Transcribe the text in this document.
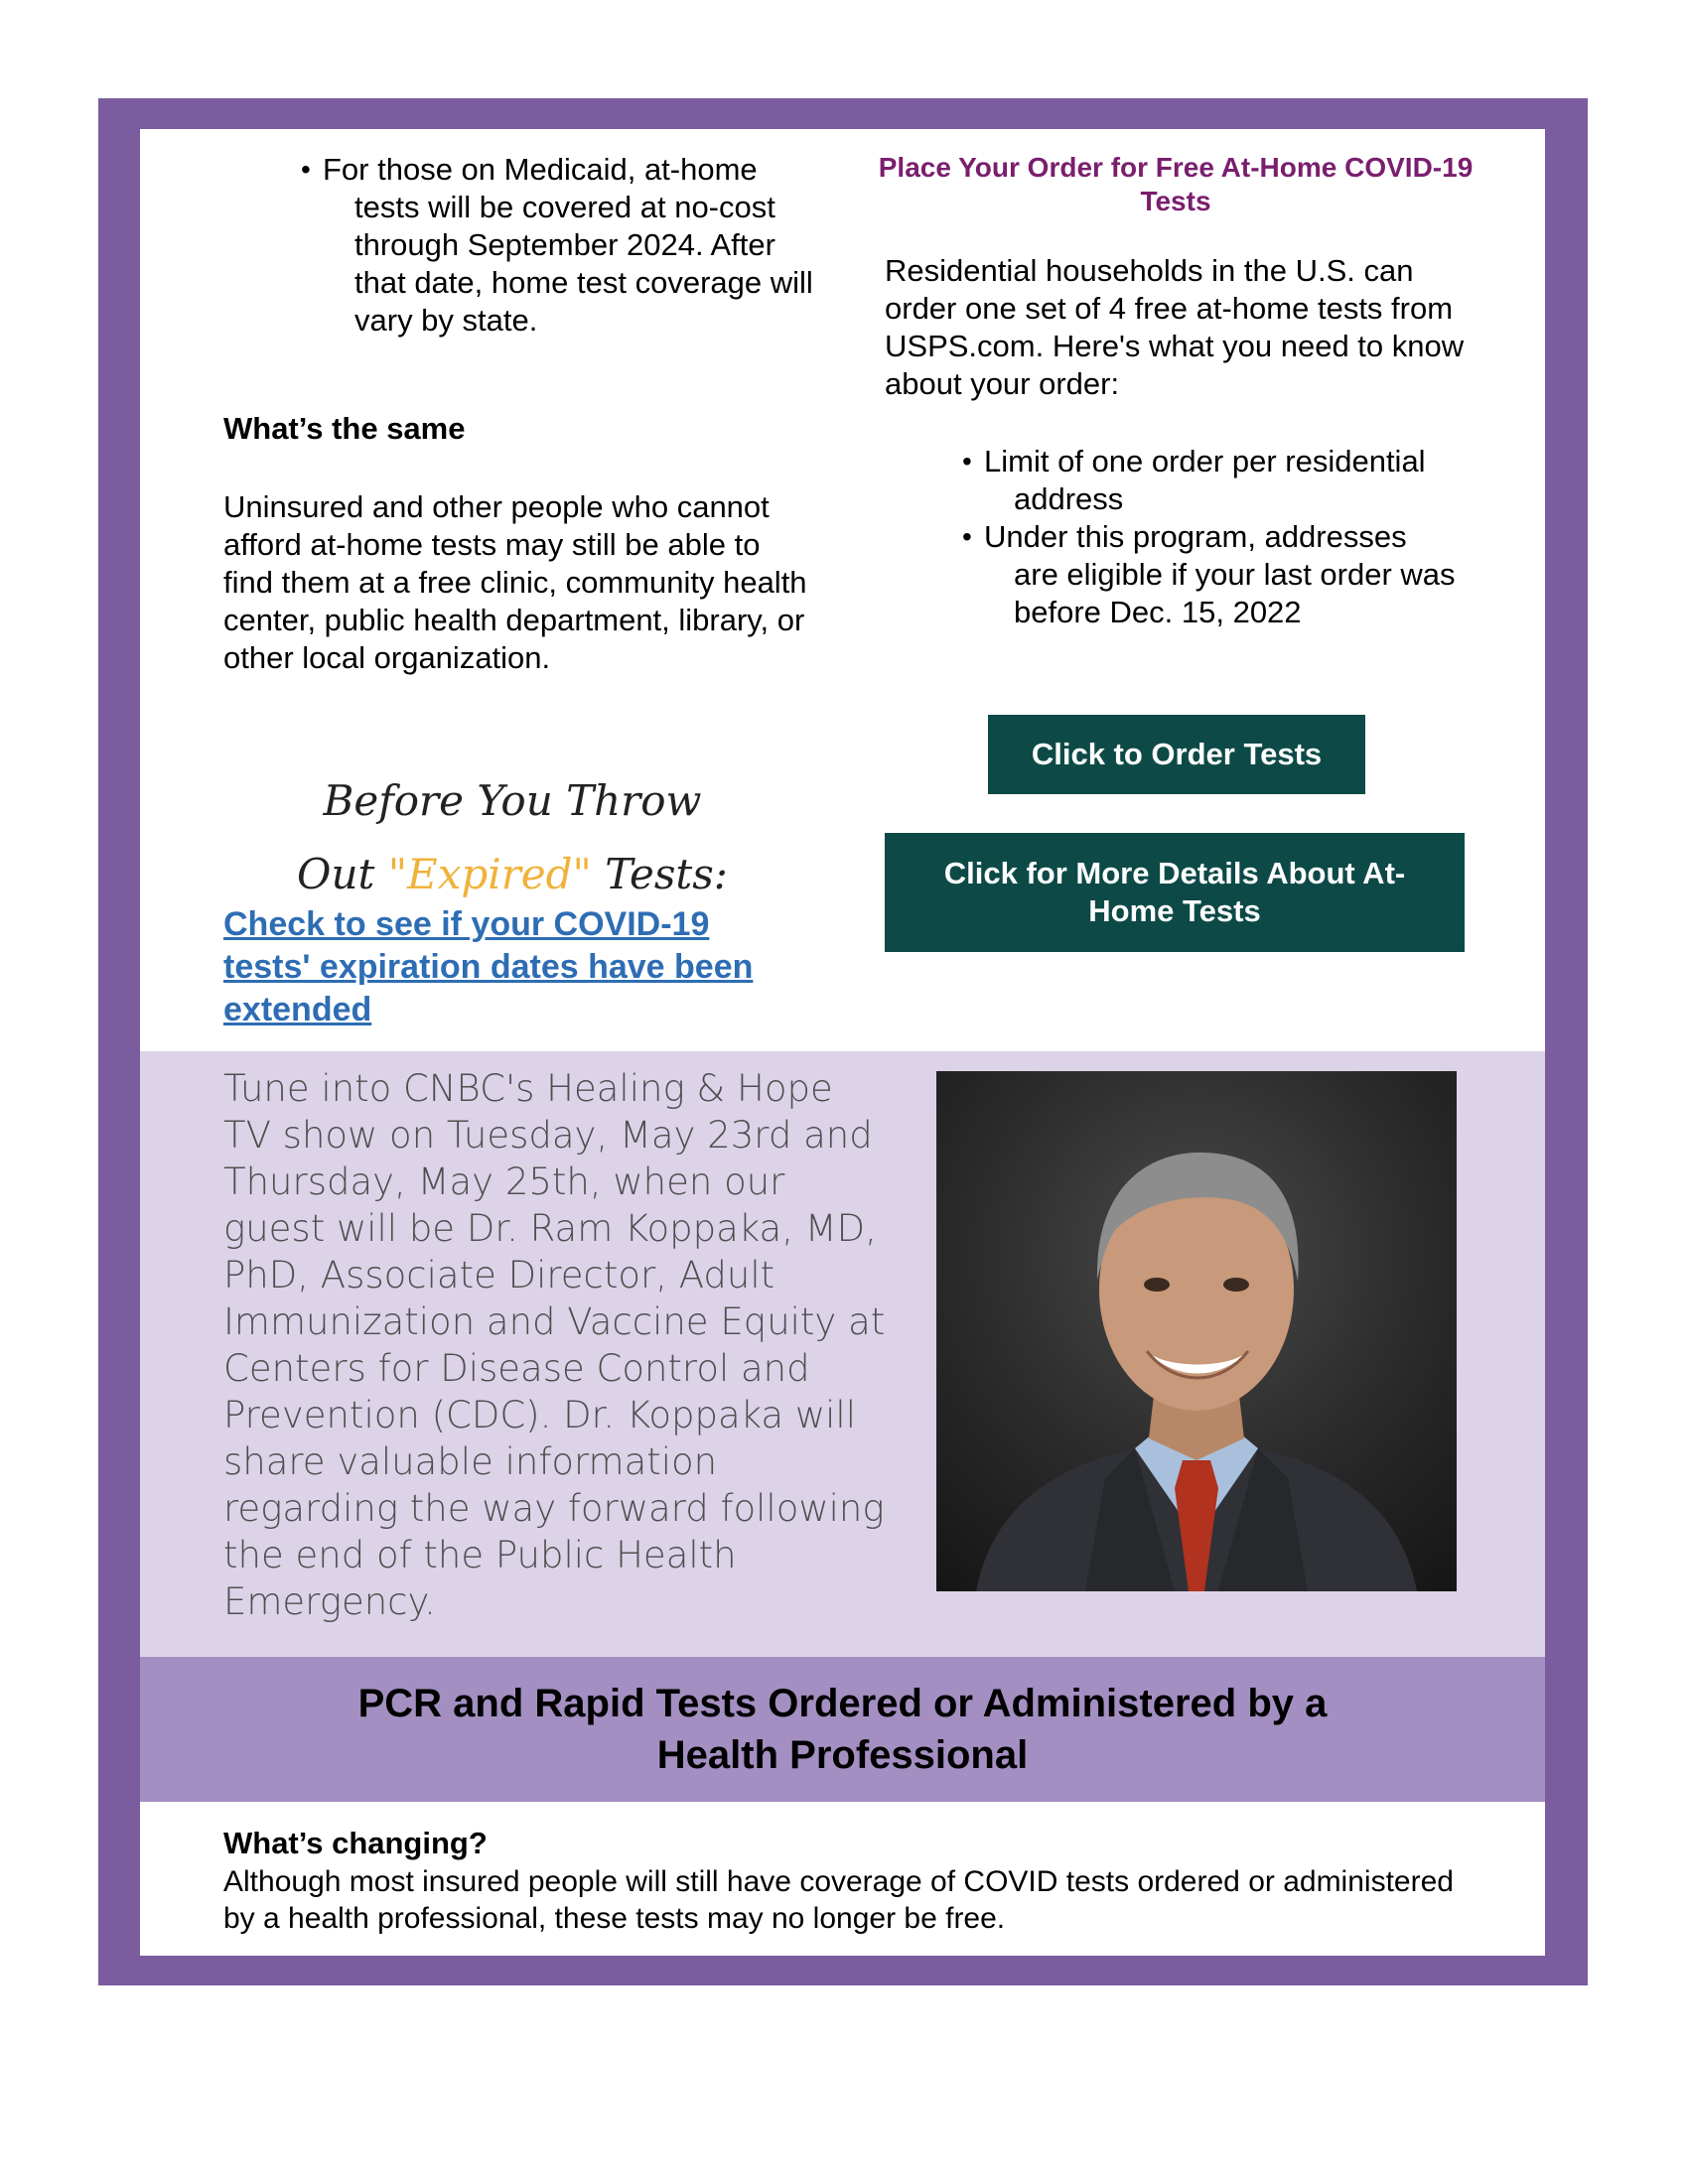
• For those on Medicaid, at-home
tests will be covered at no-cost through September 2024. After that date, home test coverage will vary by state.
What’s the same
Uninsured and other people who cannot afford at-home tests may still be able to find them at a free clinic, community health center, public health department, library, or other local organization.
Before You Throw
Out "Expired" Tests:
Check to see if your COVID-19 tests' expiration dates have been extended
Place Your Order for Free At-Home COVID-19 Tests
Residential households in the U.S. can order one set of 4 free at-home tests from USPS.com. Here's what you need to know about your order:
• Limit of one order per residential
address
• Under this program, addresses
are eligible if your last order was before Dec. 15, 2022
Click to Order Tests
Click for More Details About At-Home Tests
Tune into CNBC's Healing & Hope TV show on Tuesday, May 23rd and Thursday, May 25th, when our guest will be Dr. Ram Koppaka, MD, PhD, Associate Director, Adult Immunization and Vaccine Equity at Centers for Disease Control and Prevention (CDC). Dr. Koppaka will share valuable information regarding the way forward following the end of the Public Health Emergency.
PCR and Rapid Tests Ordered or Administered by a Health Professional
What’s changing?
Although most insured people will still have coverage of COVID tests ordered or administered by a health professional, these tests may no longer be free.
